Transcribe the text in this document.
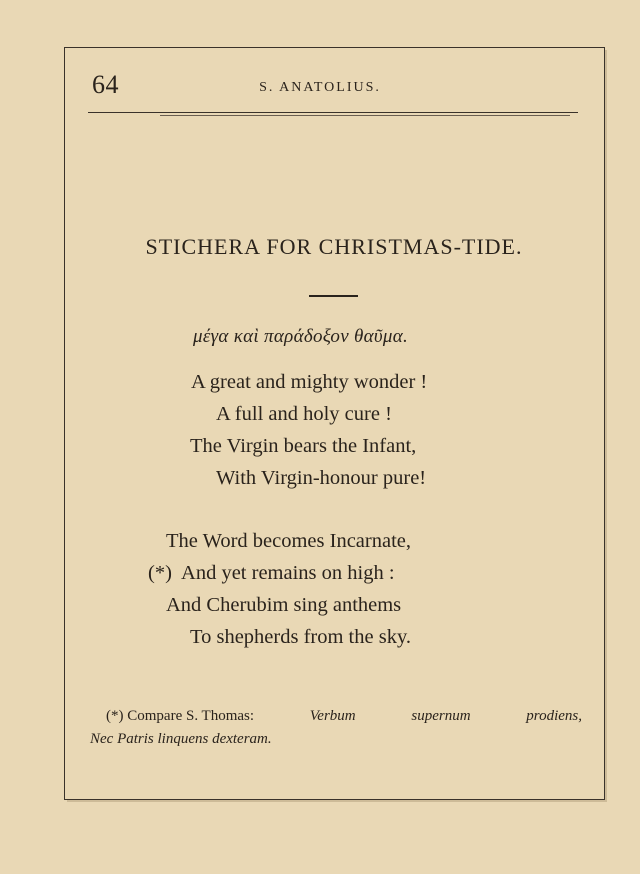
64	S. ANATOLIUS.
STICHERA FOR CHRISTMAS-TIDE.
μέγα καὶ παράδοξον θαῦμα.
A great and mighty wonder !
A full and holy cure !
The Virgin bears the Infant,
With Virgin-honour pure!
The Word becomes Incarnate,
(*)  And yet remains on high :
And Cherubim sing anthems
To shepherds from the sky.
(*) Compare S. Thomas:	Verbum	supernum	prodiens,
Nec Patris linquens dexteram.
